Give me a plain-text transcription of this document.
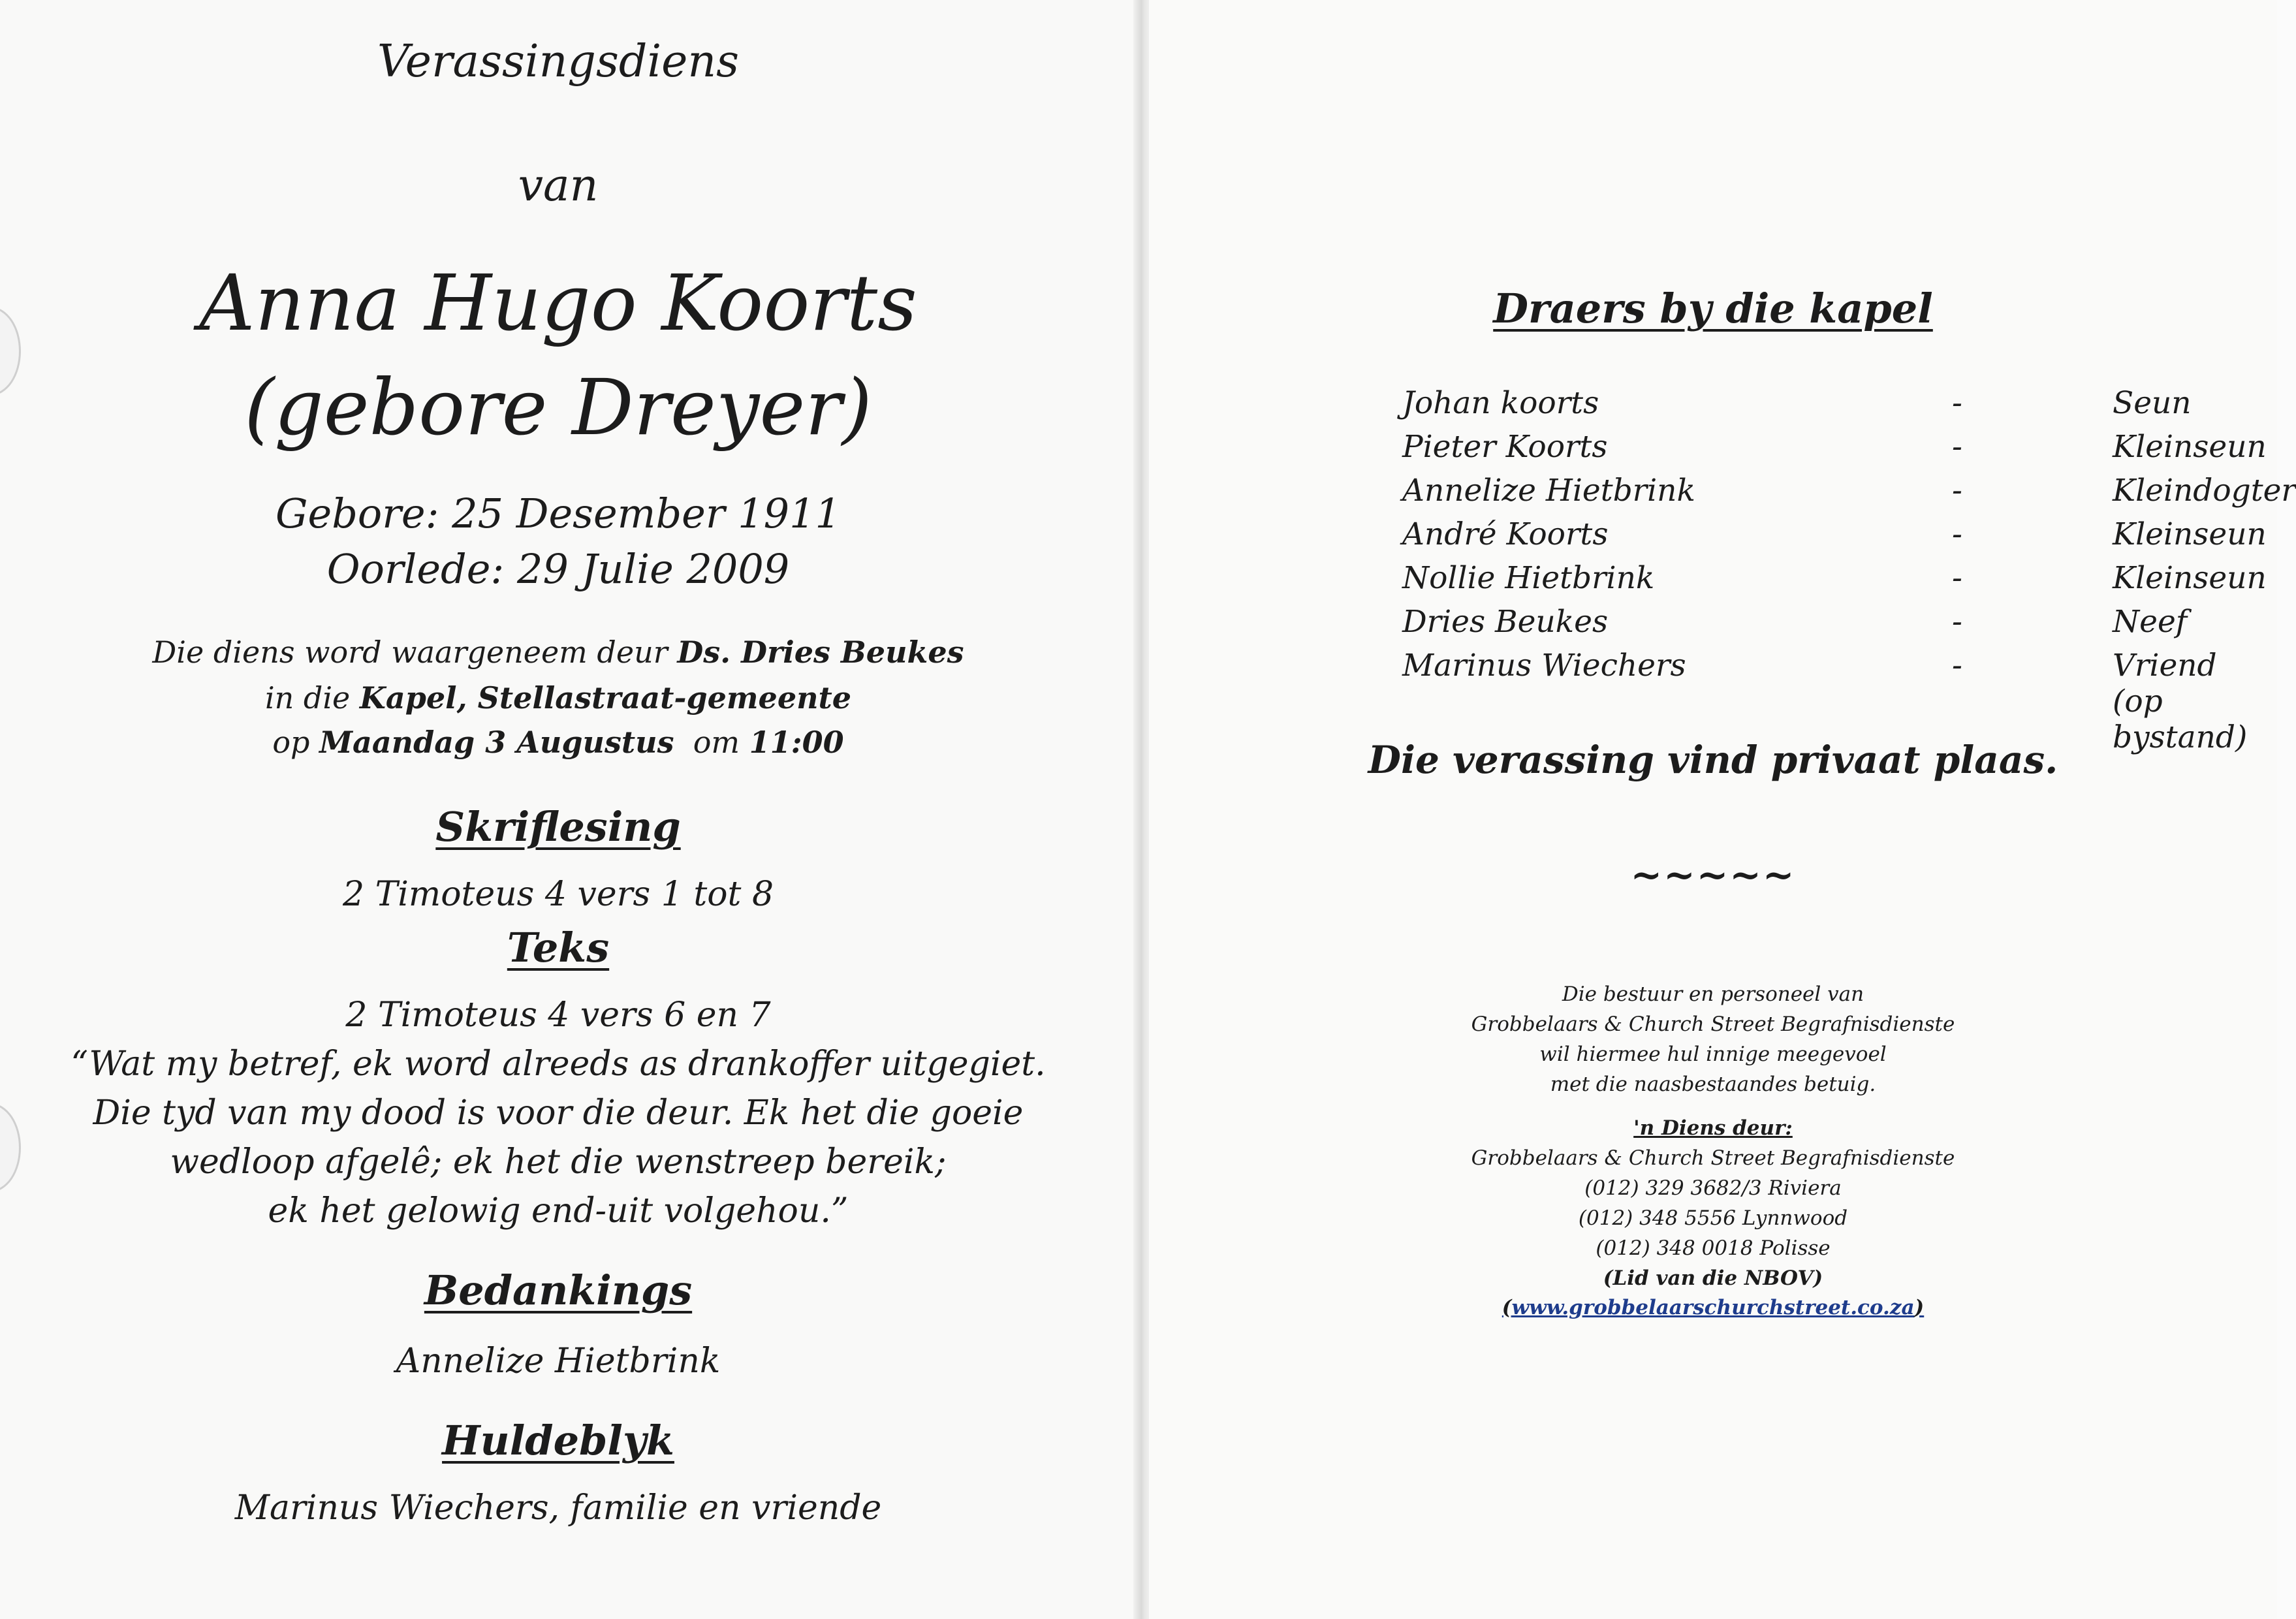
Verassingsdiens
van
Anna Hugo Koorts
(gebore Dreyer)
Gebore: 25 Desember 1911
Oorlede: 29 Julie 2009
Die diens word waargeneem deur Ds. Dries Beukes
in die Kapel, Stellastraat-gemeente
op Maandag 3 Augustus  om 11:00
Skriflesing
2 Timoteus 4 vers 1 tot 8
Teks
2 Timoteus 4 vers 6 en 7
“Wat my betref, ek word alreeds as drankoffer uitgegiet.
Die tyd van my dood is voor die deur. Ek het die goeie
wedloop afgelê; ek het die wenstreep bereik;
ek het gelowig end-uit volgehou.”
Bedankings
Annelize Hietbrink
Huldeblyk
Marinus Wiechers, familie en vriende
Draers by die kapel
Johan koorts	-	Seun
Pieter Koorts	-	Kleinseun
Annelize Hietbrink	-	Kleindogter
André Koorts	-	Kleinseun
Nollie Hietbrink	-	Kleinseun
Dries Beukes	-	Neef
Marinus Wiechers	-	Vriend (op bystand)
Die verassing vind privaat plaas.
~~~~~
Die bestuur en personeel van
Grobbelaars & Church Street Begrafnisdienste
wil hiermee hul innige meegevoel
met die naasbestaandes betuig.
'n Diens deur:
Grobbelaars & Church Street Begrafnisdienste
(012) 329 3682/3 Riviera
(012) 348 5556 Lynnwood
(012) 348 0018 Polisse
(Lid van die NBOV)
(www.grobbelaarschurchstreet.co.za)
